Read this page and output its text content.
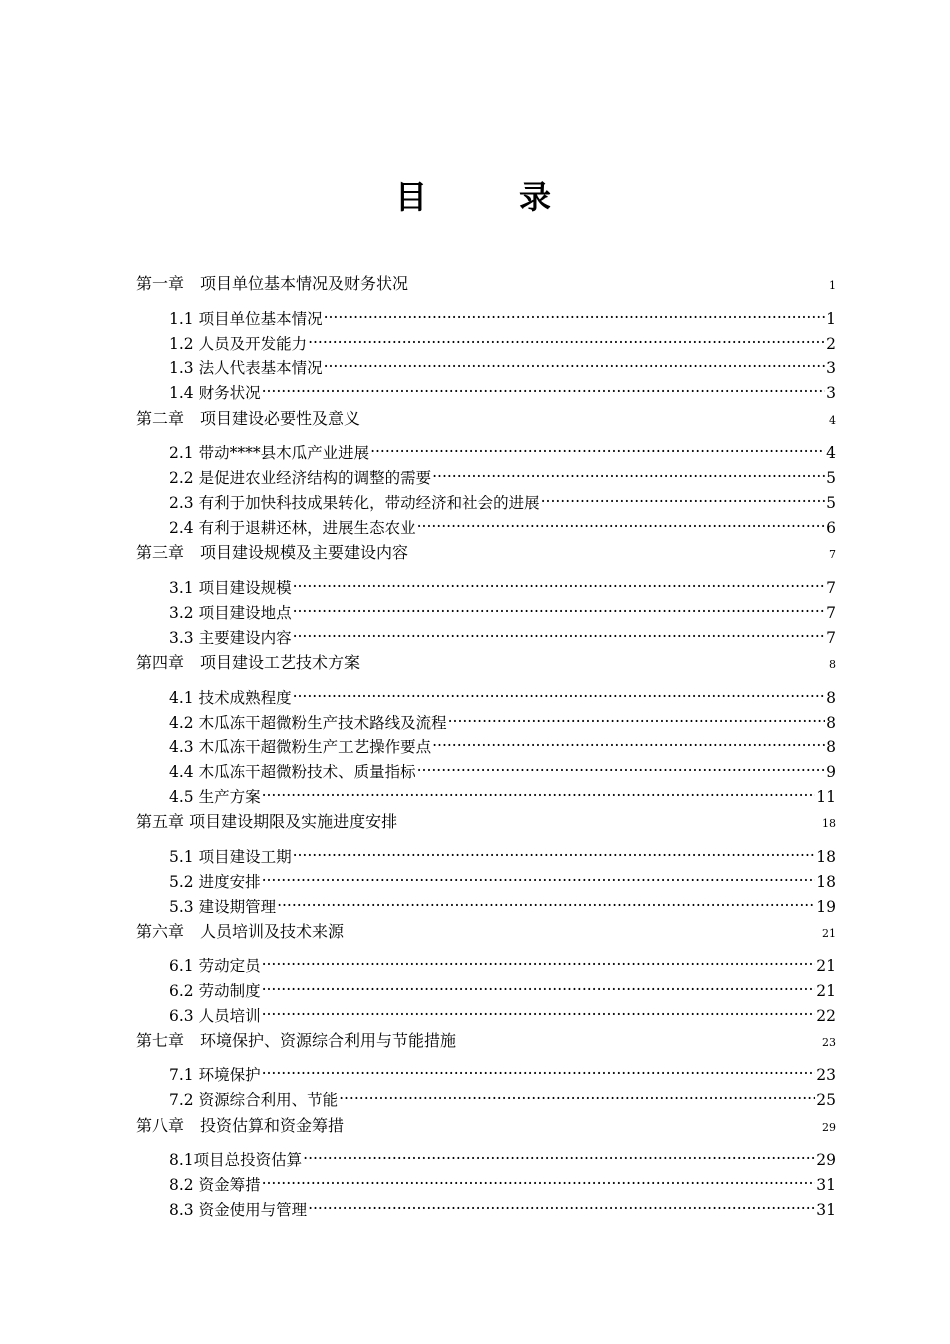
目　录
第一章　项目单位基本情况及财务状况 .....	1
1.1 项目单位基本情况 .....	1
1.2 人员及开发能力 .....	2
1.3 法人代表基本情况 .....	3
1.4 财务状况 .....	3
第二章　项目建设必要性及意义 .....	4
2.1 带动****县木瓜产业进展 .....	4
2.2 是促进农业经济结构的调整的需要 .....	5
2.3 有利于加快科技成果转化，带动经济和社会的进展 .....	5
2.4 有利于退耕还林，进展生态农业 .....	6
第三章　项目建设规模及主要建设内容 .....	7
3.1 项目建设规模 .....	7
3.2 项目建设地点 .....	7
3.3 主要建设内容 .....	7
第四章　项目建设工艺技术方案 .....	8
4.1 技术成熟程度 .....	8
4.2 木瓜冻干超微粉生产技术路线及流程 .....	8
4.3 木瓜冻干超微粉生产工艺操作要点 .....	8
4.4 木瓜冻干超微粉技术、质量指标 .....	9
4.5 生产方案 .....	11
第五章 项目建设期限及实施进度安排 .....	18
5.1 项目建设工期 .....	18
5.2 进度安排 .....	18
5.3 建设期管理 .....	19
第六章　人员培训及技术来源 .....	21
6.1 劳动定员 .....	21
6.2 劳动制度 .....	21
6.3 人员培训 .....	22
第七章　环境保护、资源综合利用与节能措施 .....	23
7.1 环境保护 .....	23
7.2 资源综合利用、节能 .....	25
第八章　投资估算和资金筹措 .....	29
8.1项目总投资估算 .....	29
8.2 资金筹措 .....	31
8.3 资金使用与管理 .....	31
